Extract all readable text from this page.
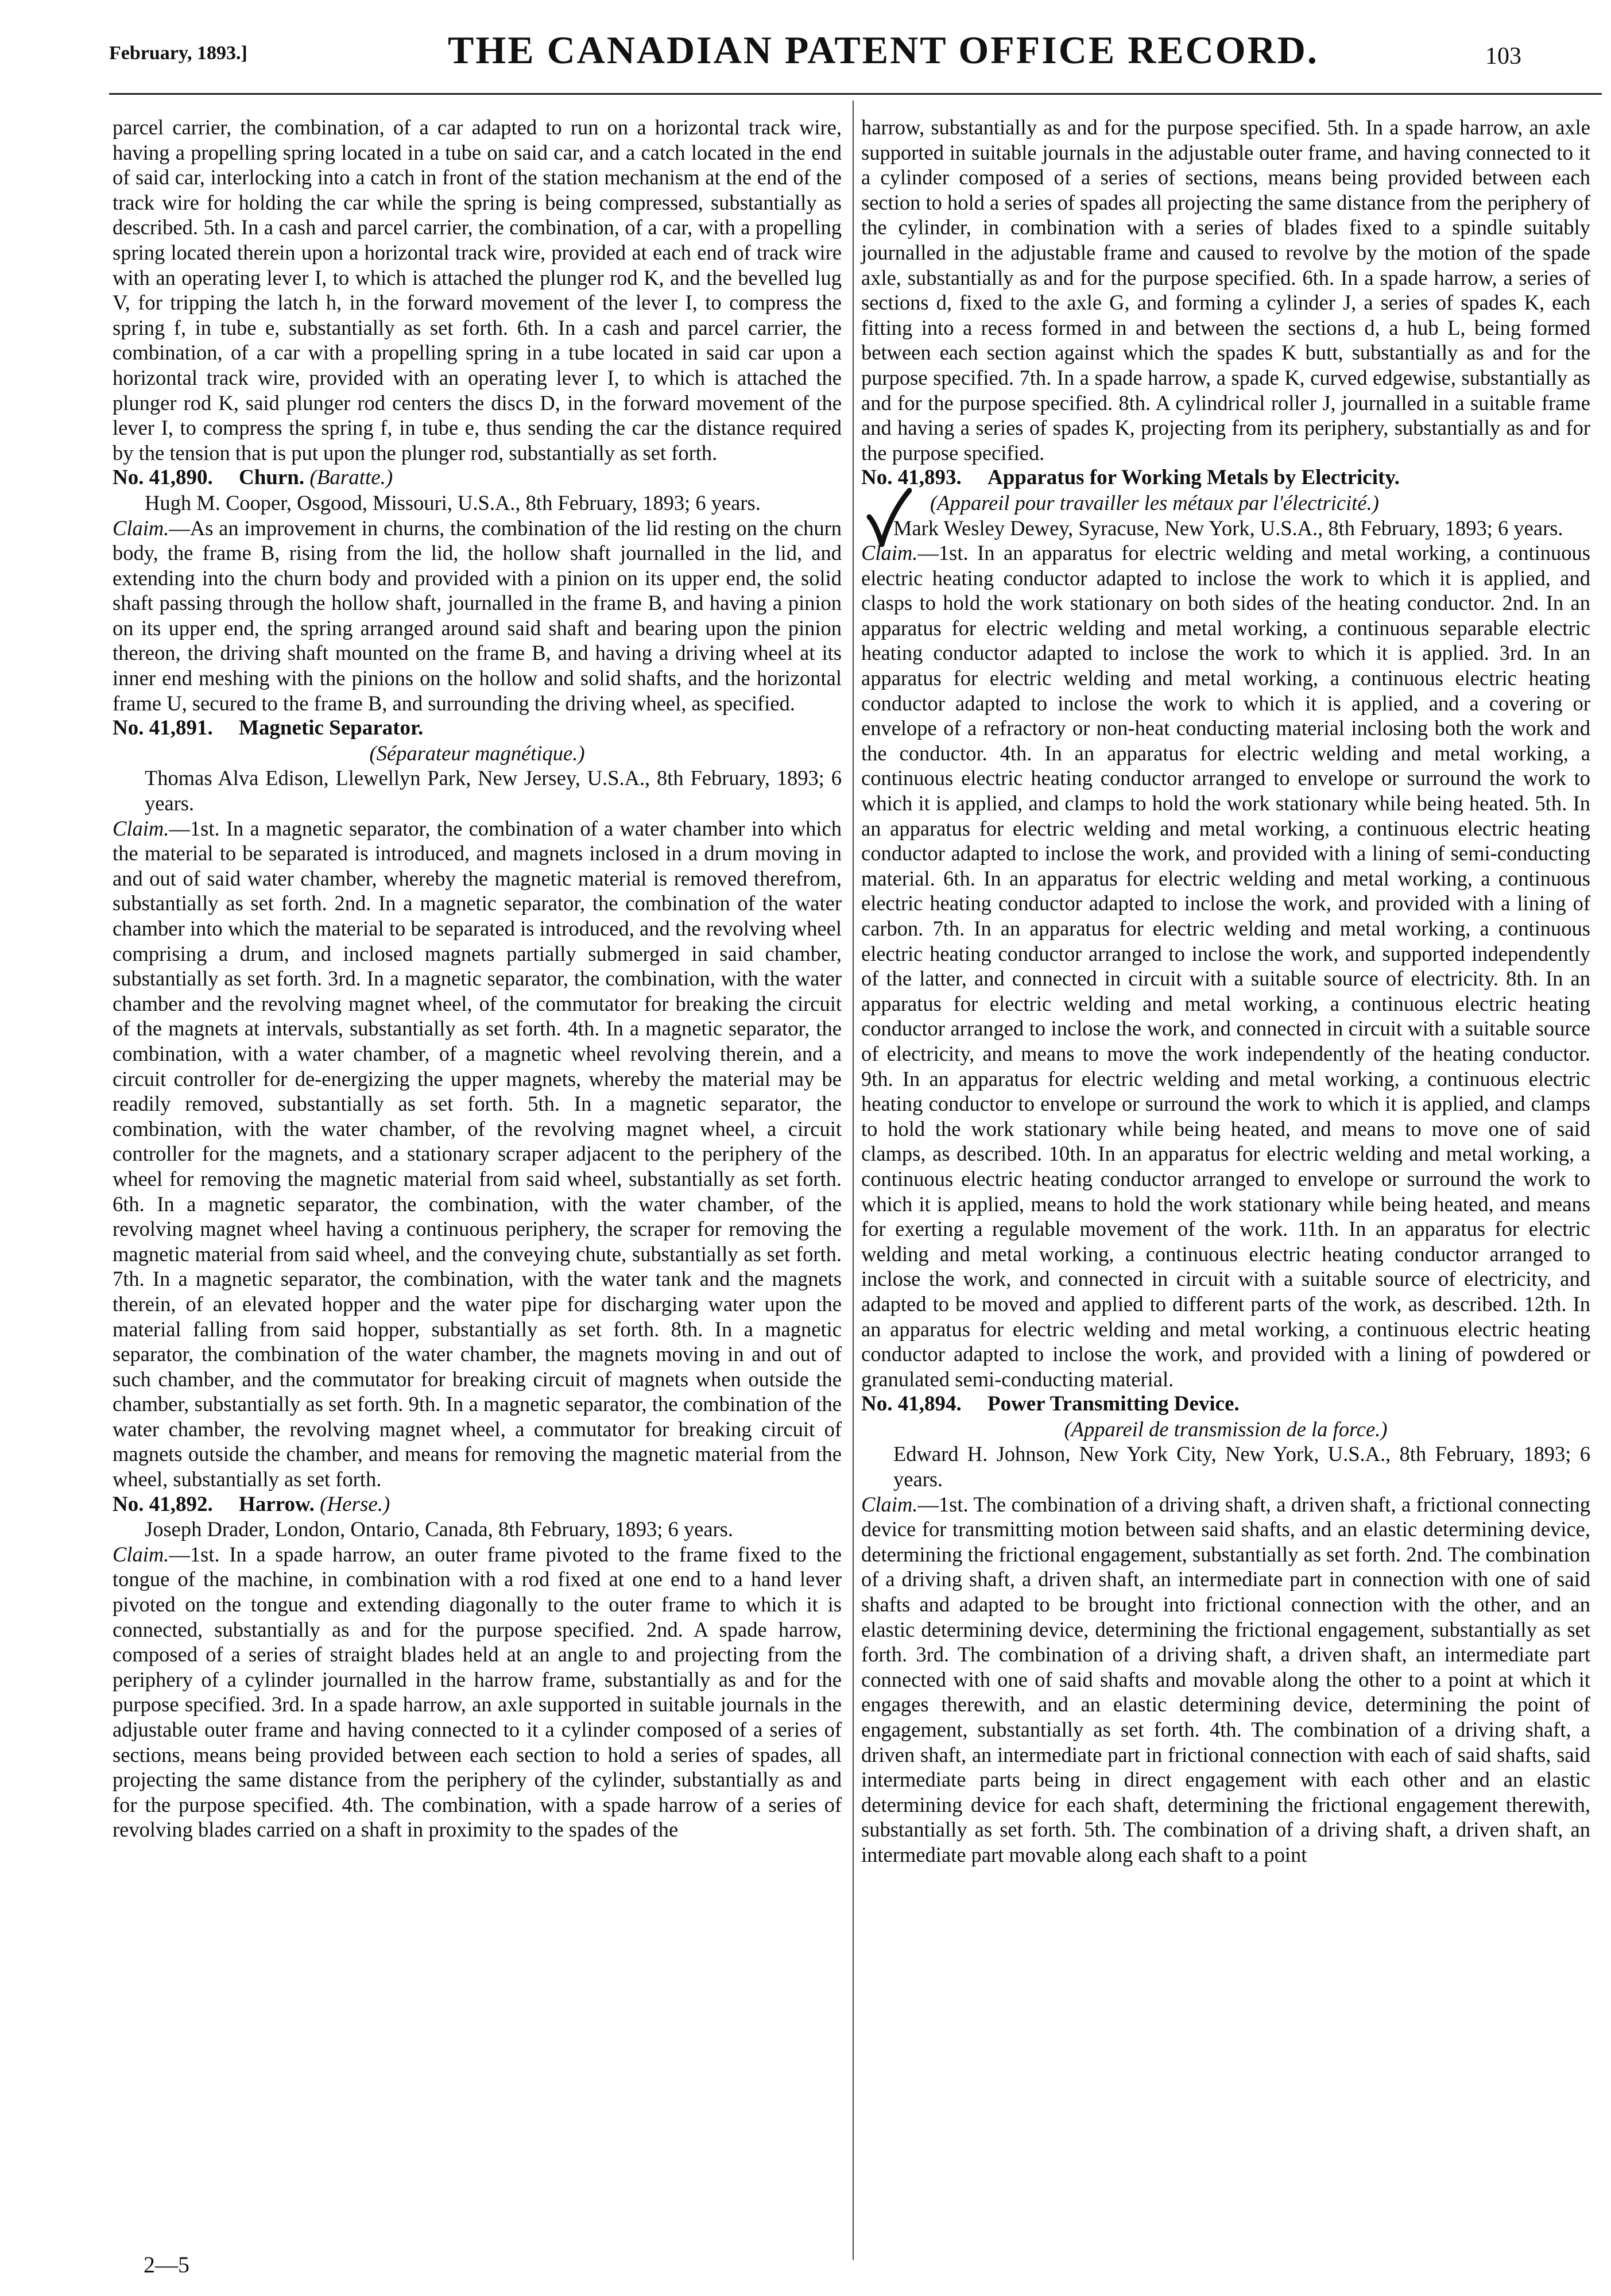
February, 1893.]	THE CANADIAN PATENT OFFICE RECORD.	103

parcel carrier, the combination, of a car adapted to run on a horizontal track wire, having a propelling spring located in a tube on said car, and a catch located in the end of said car, interlocking into a catch in front of the station mechanism at the end of the track wire for holding the car while the spring is being compressed, substantially as described. 5th. In a cash and parcel carrier, the combination, of a car, with a propelling spring located therein upon a horizontal track wire, provided at each end of track wire with an operating lever I, to which is attached the plunger rod K, and the bevelled lug V, for tripping the latch h, in the forward movement of the lever I, to compress the spring f, in tube e, substantially as set forth. 6th. In a cash and parcel carrier, the combination, of a car with a propelling spring in a tube located in said car upon a horizontal track wire, provided with an operating lever I, to which is attached the plunger rod K, said plunger rod centers the discs D, in the forward movement of the lever I, to compress the spring f, in tube e, thus sending the car the distance required by the tension that is put upon the plunger rod, substantially as set forth.

No. 41,890. Churn. (Baratte.)

Hugh M. Cooper, Osgood, Missouri, U.S.A., 8th February, 1893; 6 years.

Claim.—As an improvement in churns, the combination of the lid resting on the churn body, the frame B, rising from the lid, the hollow shaft journalled in the lid, and extending into the churn body and provided with a pinion on its upper end, the solid shaft passing through the hollow shaft, journalled in the frame B, and having a pinion on its upper end, the spring arranged around said shaft and bearing upon the pinion thereon, the driving shaft mounted on the frame B, and having a driving wheel at its inner end meshing with the pinions on the hollow and solid shafts, and the horizontal frame U, secured to the frame B, and surrounding the driving wheel, as specified.

No. 41,891. Magnetic Separator.

(Séparateur magnétique.)

Thomas Alva Edison, Llewellyn Park, New Jersey, U.S.A., 8th February, 1893; 6 years.

Claim.—1st. In a magnetic separator, the combination of a water chamber into which the material to be separated is introduced, and magnets inclosed in a drum moving in and out of said water chamber, whereby the magnetic material is removed therefrom, substantially as set forth. 2nd. In a magnetic separator, the combination of the water chamber into which the material to be separated is introduced, and the revolving wheel comprising a drum, and inclosed magnets partially submerged in said chamber, substantially as set forth. 3rd. In a magnetic separator, the combination, with the water chamber and the revolving magnet wheel, of the commutator for breaking the circuit of the magnets at intervals, substantially as set forth. 4th. In a magnetic separator, the combination, with a water chamber, of a magnetic wheel revolving therein, and a circuit controller for de-energizing the upper magnets, whereby the material may be readily removed, substantially as set forth. 5th. In a magnetic separator, the combination, with the water chamber, of the revolving magnet wheel, a circuit controller for the magnets, and a stationary scraper adjacent to the periphery of the wheel for removing the magnetic material from said wheel, substantially as set forth. 6th. In a magnetic separator, the combination, with the water chamber, of the revolving magnet wheel having a continuous periphery, the scraper for removing the magnetic material from said wheel, and the conveying chute, substantially as set forth. 7th. In a magnetic separator, the combination, with the water tank and the magnets therein, of an elevated hopper and the water pipe for discharging water upon the material falling from said hopper, substantially as set forth. 8th. In a magnetic separator, the combination of the water chamber, the magnets moving in and out of such chamber, and the commutator for breaking circuit of magnets when outside the chamber, substantially as set forth. 9th. In a magnetic separator, the combination of the water chamber, the revolving magnet wheel, a commutator for breaking circuit of magnets outside the chamber, and means for removing the magnetic material from the wheel, substantially as set forth.

No. 41,892. Harrow. (Herse.)

Joseph Drader, London, Ontario, Canada, 8th February, 1893; 6 years.

Claim.—1st. In a spade harrow, an outer frame pivoted to the frame fixed to the tongue of the machine, in combination with a rod fixed at one end to a hand lever pivoted on the tongue and extending diagonally to the outer frame to which it is connected, substantially as and for the purpose specified. 2nd. A spade harrow, composed of a series of straight blades held at an angle to and projecting from the periphery of a cylinder journalled in the harrow frame, substantially as and for the purpose specified. 3rd. In a spade harrow, an axle supported in suitable journals in the adjustable outer frame and having connected to it a cylinder composed of a series of sections, means being provided between each section to hold a series of spades, all projecting the same distance from the periphery of the cylinder, substantially as and for the purpose specified. 4th. The combination, with a spade harrow of a series of revolving blades carried on a shaft in proximity to the spades of the

harrow, substantially as and for the purpose specified. 5th. In a spade harrow, an axle supported in suitable journals in the adjustable outer frame, and having connected to it a cylinder composed of a series of sections, means being provided between each section to hold a series of spades all projecting the same distance from the periphery of the cylinder, in combination with a series of blades fixed to a spindle suitably journalled in the adjustable frame and caused to revolve by the motion of the spade axle, substantially as and for the purpose specified. 6th. In a spade harrow, a series of sections d, fixed to the axle G, and forming a cylinder J, a series of spades K, each fitting into a recess formed in and between the sections d, a hub L, being formed between each section against which the spades K butt, substantially as and for the purpose specified. 7th. In a spade harrow, a spade K, curved edgewise, substantially as and for the purpose specified. 8th. A cylindrical roller J, journalled in a suitable frame and having a series of spades K, projecting from its periphery, substantially as and for the purpose specified.

No. 41,893. Apparatus for Working Metals by Electricity.

(Appareil pour travailler les métaux par l'électricité.)

Mark Wesley Dewey, Syracuse, New York, U.S.A., 8th February, 1893; 6 years.

Claim.—1st. In an apparatus for electric welding and metal working, a continuous electric heating conductor adapted to inclose the work to which it is applied, and clasps to hold the work stationary on both sides of the heating conductor. 2nd. In an apparatus for electric welding and metal working, a continuous separable electric heating conductor adapted to inclose the work to which it is applied. 3rd. In an apparatus for electric welding and metal working, a continuous electric heating conductor adapted to inclose the work to which it is applied, and a covering or envelope of a refractory or non-heat conducting material inclosing both the work and the conductor. 4th. In an apparatus for electric welding and metal working, a continuous electric heating conductor arranged to envelope or surround the work to which it is applied, and clamps to hold the work stationary while being heated. 5th. In an apparatus for electric welding and metal working, a continuous electric heating conductor adapted to inclose the work, and provided with a lining of semi-conducting material. 6th. In an apparatus for electric welding and metal working, a continuous electric heating conductor adapted to inclose the work, and provided with a lining of carbon. 7th. In an apparatus for electric welding and metal working, a continuous electric heating conductor arranged to inclose the work, and supported independently of the latter, and connected in circuit with a suitable source of electricity. 8th. In an apparatus for electric welding and metal working, a continuous electric heating conductor arranged to inclose the work, and connected in circuit with a suitable source of electricity, and means to move the work independently of the heating conductor. 9th. In an apparatus for electric welding and metal working, a continuous electric heating conductor to envelope or surround the work to which it is applied, and clamps to hold the work stationary while being heated, and means to move one of said clamps, as described. 10th. In an apparatus for electric welding and metal working, a continuous electric heating conductor arranged to envelope or surround the work to which it is applied, means to hold the work stationary while being heated, and means for exerting a regulable movement of the work. 11th. In an apparatus for electric welding and metal working, a continuous electric heating conductor arranged to inclose the work, and connected in circuit with a suitable source of electricity, and adapted to be moved and applied to different parts of the work, as described. 12th. In an apparatus for electric welding and metal working, a continuous electric heating conductor adapted to inclose the work, and provided with a lining of powdered or granulated semi-conducting material.

No. 41,894. Power Transmitting Device.

(Appareil de transmission de la force.)

Edward H. Johnson, New York City, New York, U.S.A., 8th February, 1893; 6 years.

Claim.—1st. The combination of a driving shaft, a driven shaft, a frictional connecting device for transmitting motion between said shafts, and an elastic determining device, determining the frictional engagement, substantially as set forth. 2nd. The combination of a driving shaft, a driven shaft, an intermediate part in connection with one of said shafts and adapted to be brought into frictional connection with the other, and an elastic determining device, determining the frictional engagement, substantially as set forth. 3rd. The combination of a driving shaft, a driven shaft, an intermediate part connected with one of said shafts and movable along the other to a point at which it engages therewith, and an elastic determining device, determining the point of engagement, substantially as set forth. 4th. The combination of a driving shaft, a driven shaft, an intermediate part in frictional connection with each of said shafts, said intermediate parts being in direct engagement with each other and an elastic determining device for each shaft, determining the frictional engagement therewith, substantially as set forth. 5th. The combination of a driving shaft, a driven shaft, an intermediate part movable along each shaft to a point

2—5
